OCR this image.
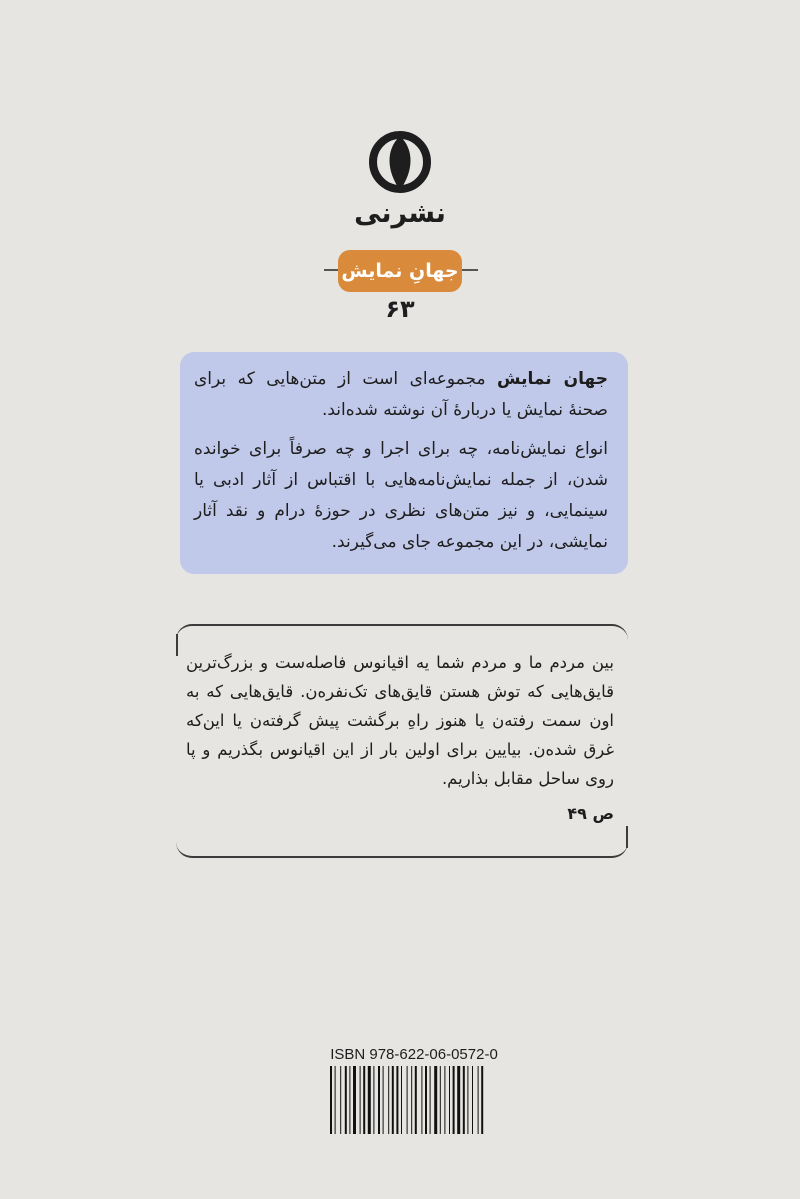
نشرنی
جهانِ نمایش
۶۳

جهان نمایش مجموعه‌ای است از متن‌هایی که برای صحنهٔ نمایش یا دربارهٔ آن نوشته شده‌اند.

انواع نمایش‌نامه، چه برای اجرا و چه صرفاً برای خوانده شدن، از جمله نمایش‌نامه‌هایی با اقتباس از آثار ادبی یا سینمایی، و نیز متن‌های نظری در حوزهٔ درام و نقد آثار نمایشی، در این مجموعه جای می‌گیرند.

بین مردم ما و مردم شما یه اقیانوس فاصله‌ست و بزرگ‌ترین قایق‌هایی که توش هستن قایق‌های تک‌نفره‌ن. قایق‌هایی که به اون سمت رفته‌ن یا هنوز راهِ برگشت پیش گرفته‌ن یا این‌که غرق شده‌ن. بیایین برای اولین بار از این اقیانوس بگذریم و پا روی ساحل مقابل بذاریم.

ص ۴۹
ISBN 978-622-06-0572-0
